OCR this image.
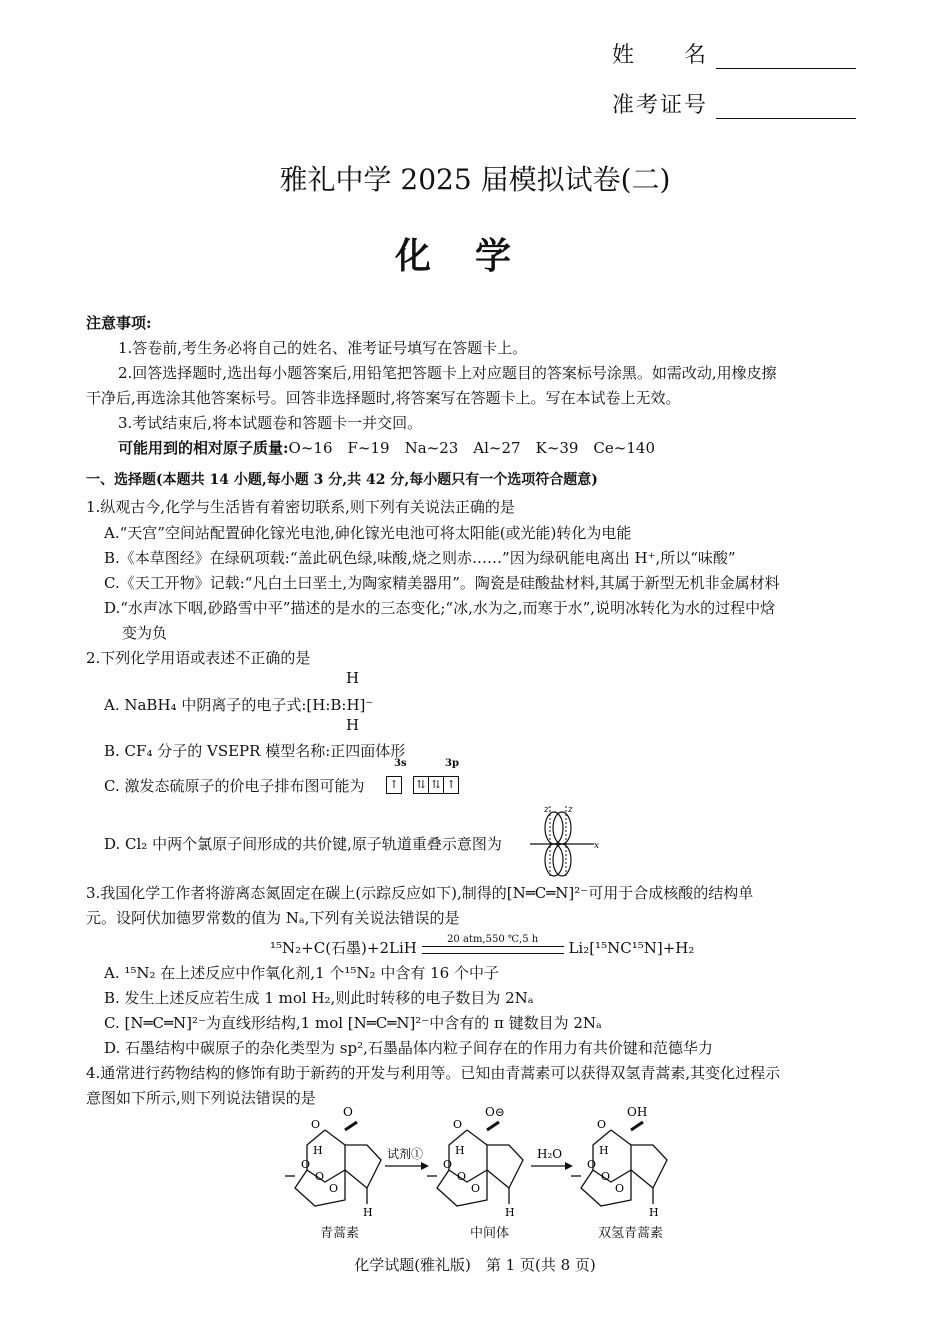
姓　　名
准考证号
雅礼中学 2025 届模拟试卷(二)
化学
注意事项:
1.答卷前,考生务必将自己的姓名、准考证号填写在答题卡上。
2.回答选择题时,选出每小题答案后,用铅笔把答题卡上对应题目的答案标号涂黑。如需改动,用橡皮擦
干净后,再选涂其他答案标号。回答非选择题时,将答案写在答题卡上。写在本试卷上无效。
3.考试结束后,将本试题卷和答题卡一并交回。
可能用到的相对原子质量:O~16　F~19　Na~23　Al~27　K~39　Ce~140
一、选择题(本题共 14 小题,每小题 3 分,共 42 分,每小题只有一个选项符合题意)
1.纵观古今,化学与生活皆有着密切联系,则下列有关说法正确的是
A.“天宫”空间站配置砷化镓光电池,砷化镓光电池可将太阳能(或光能)转化为电能
B.《本草图经》在绿矾项载:“盖此矾色绿,味酸,烧之则赤……”因为绿矾能电离出 H⁺,所以“味酸”
C.《天工开物》记载:“凡白土曰垩土,为陶家精美器用”。陶瓷是硅酸盐材料,其属于新型无机非金属材料
D.“水声冰下咽,砂路雪中平”描述的是水的三态变化;“冰,水为之,而寒于水”,说明冰转化为水的过程中焓
变为负
2.下列化学用语或表述不正确的是
H
A. NaBH₄ 中阴离子的电子式:[H:B:H]⁻
H
B. CF₄ 分子的 VSEPR 模型名称:正四面体形
3s	3p
C. 激发态硫原子的价电子排布图可能为	↑ ⇅ ⇅ ↑
D. Cl₂ 中两个氯原子间形成的共价键,原子轨道重叠示意图为
z z
x
3.我国化学工作者将游离态氮固定在碳上(示踪反应如下),制得的[N═C═N]²⁻可用于合成核酸的结构单
元。设阿伏加德罗常数的值为 Nₐ,下列有关说法错误的是
¹⁵N₂+C(石墨)+2LiH	20 atm,550 ℃,5 h	Li₂[¹⁵NC¹⁵N]+H₂
A. ¹⁵N₂ 在上述反应中作氧化剂,1 个¹⁵N₂ 中含有 16 个中子
B. 发生上述反应若生成 1 mol H₂,则此时转移的电子数目为 2Nₐ
C. [N═C═N]²⁻为直线形结构,1 mol [N═C═N]²⁻中含有的 π 键数目为 2Nₐ
D. 石墨结构中碳原子的杂化类型为 sp²,石墨晶体内粒子间存在的作用力有共价键和范德华力
4.通常进行药物结构的修饰有助于新药的开发与利用等。已知由青蒿素可以获得双氢青蒿素,其变化过程示
意图如下所示,则下列说法错误的是
H
O
O
O
H
O
O	O⊝	OH
试剂①	H₂O
青蒿素	中间体	双氢青蒿素
化学试题(雅礼版)　第 1 页(共 8 页)
